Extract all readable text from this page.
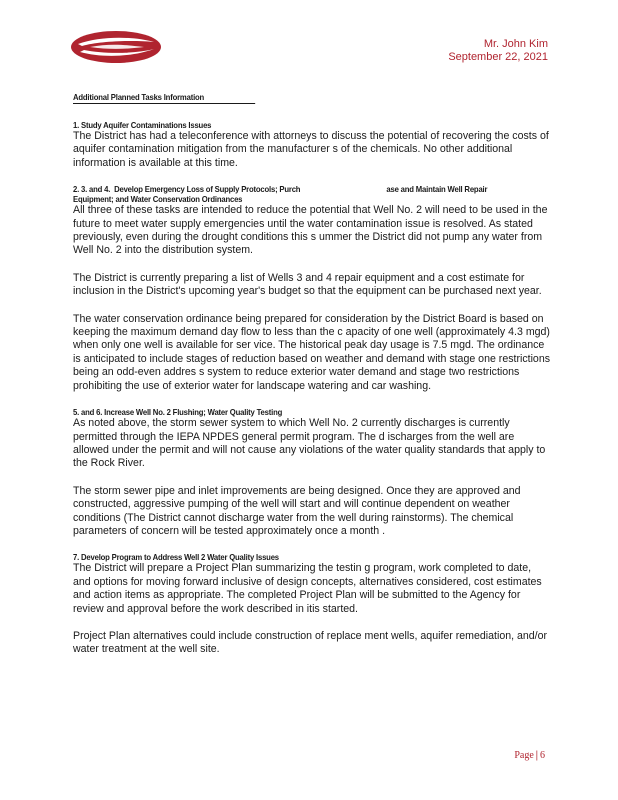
Mr. John Kim
September 22, 2021
Additional Planned Tasks Information
1. Study Aquifer Contaminations Issues

The District has had a teleconference with attorneys to discuss the potential of recovering the costs of aquifer contamination mitigation from the manufacturer s of the chemicals. No other additional information is available at this time.

2. 3. and 4.  Develop Emergency Loss of Supply Protocols; Purch                                            ase and Maintain Well Repair Equipment; and Water Conservation Ordinances

All three of these tasks are intended to reduce the potential that Well No. 2 will need to be used in the future to meet water supply emergencies until the water contamination issue is resolved. As stated previously, even during the drought conditions this s ummer the District did not pump any water from Well No. 2 into the distribution system.

The District is currently preparing a list of Wells 3 and 4 repair equipment and a cost estimate for inclusion in the District's upcoming year's budget so that the equipment can be purchased next year.

The water conservation ordinance being prepared for consideration by the District Board is based on keeping the maximum demand day flow to less than the c apacity of one well (approximately 4.3 mgd) when only one well is available for ser vice. The historical peak day usage is 7.5 mgd. The ordinance is anticipated to include stages of reduction based on weather and demand with stage one restrictions being an odd-even addres s system to reduce exterior water demand and stage two restrictions prohibiting the use of exterior water for landscape watering and car washing.

5. and 6. Increase Well No. 2 Flushing; Water Quality Testing

As noted above, the storm sewer system to which Well No. 2 currently discharges is currently permitted through the IEPA NPDES general permit program. The d ischarges from the well are allowed under the permit and will not cause any violations of the water quality standards that apply to the Rock River.

The storm sewer pipe and inlet improvements are being designed. Once they are approved and constructed, aggressive pumping of the well will start and will continue dependent on weather conditions (The District cannot discharge water from the well during rainstorms). The chemical parameters of concern will be tested approximately once a month .

7. Develop Program to Address Well 2 Water Quality Issues

The District will prepare a Project Plan summarizing the testin g program, work completed to date, and options for moving forward inclusive of design concepts, alternatives considered, cost estimates and action items as appropriate. The completed Project Plan will be submitted to the Agency for review and approval before the work described in itis started.

Project Plan alternatives could include construction of replace ment wells, aquifer remediation, and/or water treatment at the well site.

Page | 6
